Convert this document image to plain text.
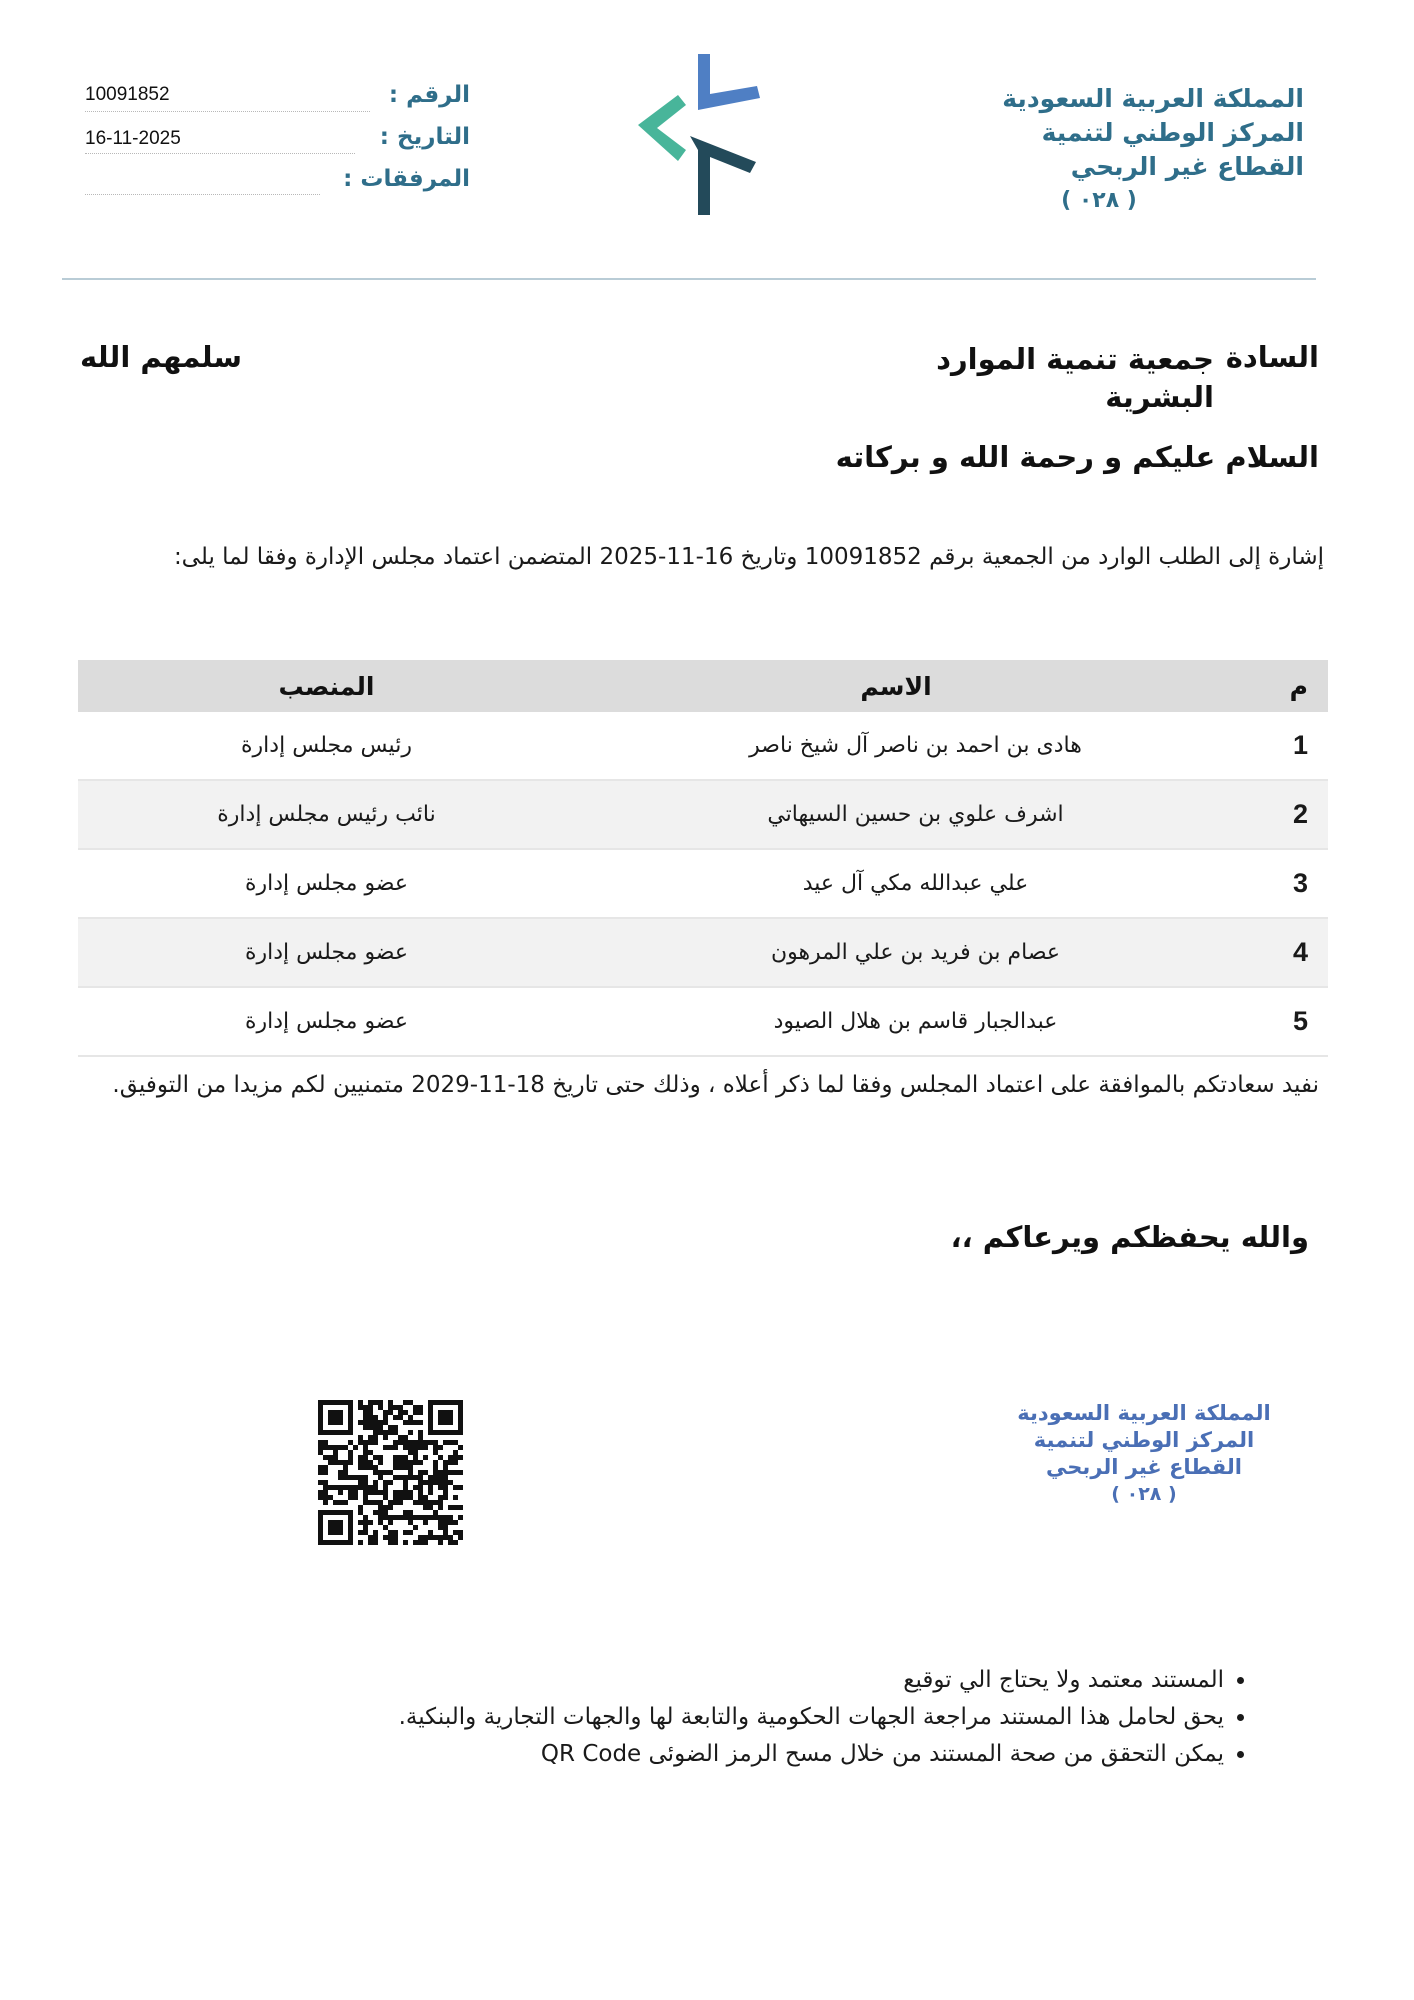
المملكة العربية السعودية
المركز الوطني لتنمية
القطاع غير الربحي
( ٠٢٨ )
الرقم :
10091852
التاريخ :
16-11-2025
المرفقات :
السادة
جمعية تنمية الموارد البشرية
سلمهم الله
السلام عليكم و رحمة الله و بركاته
إشارة إلى الطلب الوارد من الجمعية برقم 10091852 وتاريخ 16-11-2025 المتضمن اعتماد مجلس الإدارة وفقا لما يلى:
م	الاسم	المنصب
1	هادى بن احمد بن ناصر آل شيخ ناصر	رئيس مجلس إدارة
2	اشرف علوي بن حسين السيهاتي	نائب رئيس مجلس إدارة
3	علي عبدالله مكي آل عيد	عضو مجلس إدارة
4	عصام بن فريد بن علي المرهون	عضو مجلس إدارة
5	عبدالجبار قاسم بن هلال الصيود	عضو مجلس إدارة
نفيد سعادتكم بالموافقة على اعتماد المجلس وفقا لما ذكر أعلاه ، وذلك حتى تاريخ 18-11-2029 متمنيين لكم مزيدا من التوفيق.
والله يحفظكم ويرعاكم ،،
المملكة العربية السعودية
المركز الوطني لتنمية
القطاع غير الربحي
( ٠٢٨ )
• المستند معتمد ولا يحتاج الي توقيع
• يحق لحامل هذا المستند مراجعة الجهات الحكومية والتابعة لها والجهات التجارية والبنكية.
• يمكن التحقق من صحة المستند من خلال مسح الرمز الضوئى QR Code
